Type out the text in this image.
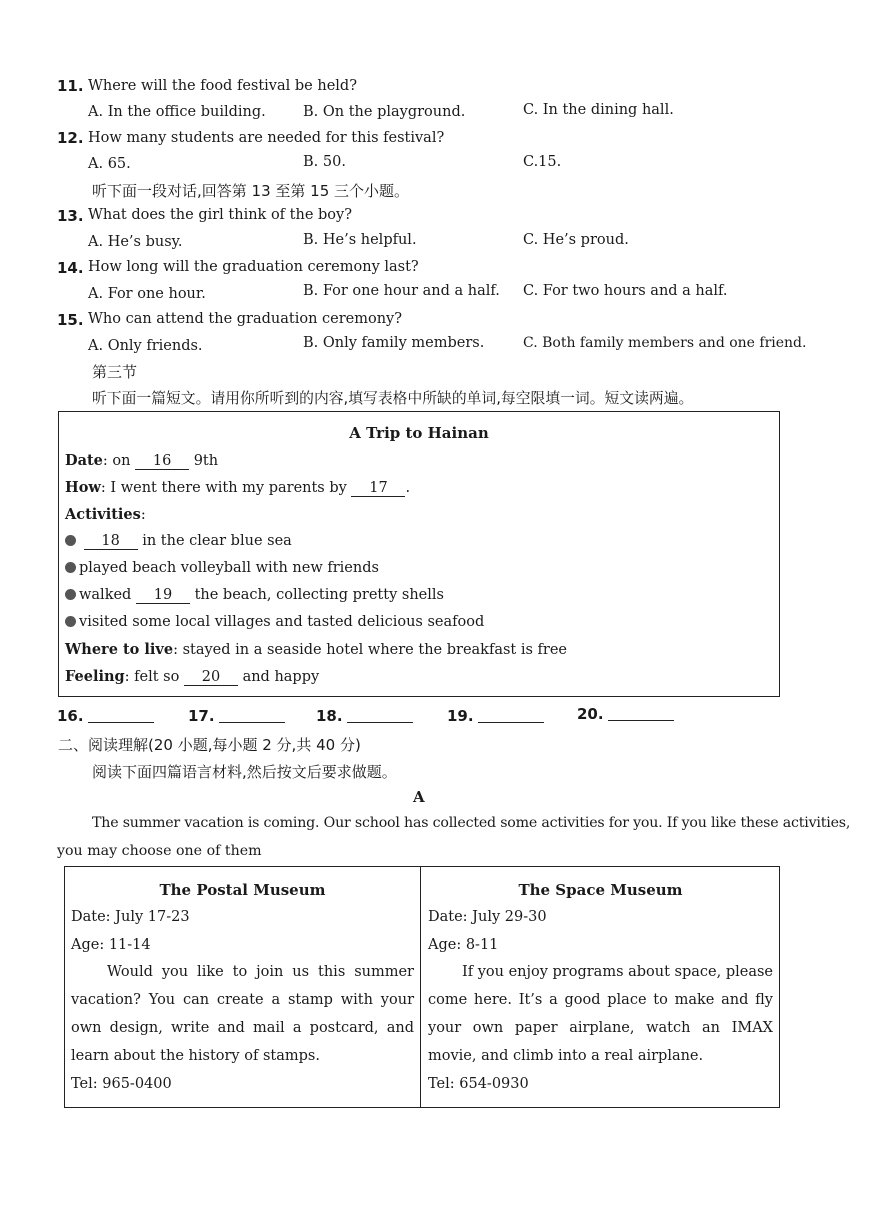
11. Where will the food festival be held?
A. In the office building.	B. On the playground.	C. In the dining hall.
12. How many students are needed for this festival?
A. 65.	B. 50.	C.15.
听下面一段对话,回答第 13 至第 15 三个小题。
13. What does the girl think of the boy?
A. He’s busy.	B. He’s helpful.	C. He’s proud.
14. How long will the graduation ceremony last?
A. For one hour.	B. For one hour and a half. C. For two hours and a half.
15. Who can attend the graduation ceremony?
A. Only friends.	B. Only family members.	C. Both family members and one friend.
第三节
听下面一篇短文。请用你所听到的内容,填写表格中所缺的单词,每空限填一词。短文读两遍。
A Trip to Hainan
Date: on 16 9th
How: I went there with my parents by 17 .
Activities:
18 in the clear blue sea
played beach volleyball with new friends
walked 19 the beach, collecting pretty shells
visited some local villages and tasted delicious seafood
Where to live: stayed in a seaside hotel where the breakfast is free
Feeling: felt so 20 and happy
16.	17.	18.	19.	20.
二、阅读理解(20 小题,每小题 2 分,共 40 分)
阅读下面四篇语言材料,然后按文后要求做题。
A
The summer vacation is coming. Our school has collected some activities for you. If you like these activities,
you may choose one of them
The Postal Museum
Date: July 17-23
Age: 11-14
Would you like to join us this summer vacation? You can create a stamp with your own design, write and mail a postcard, and learn about the history of stamps.
Tel: 965-0400
The Space Museum
Date: July 29-30
Age: 8-11
If you enjoy programs about space, please come here. It’s a good place to make and fly your own paper airplane, watch an IMAX movie, and climb into a real airplane.
Tel: 654-0930
